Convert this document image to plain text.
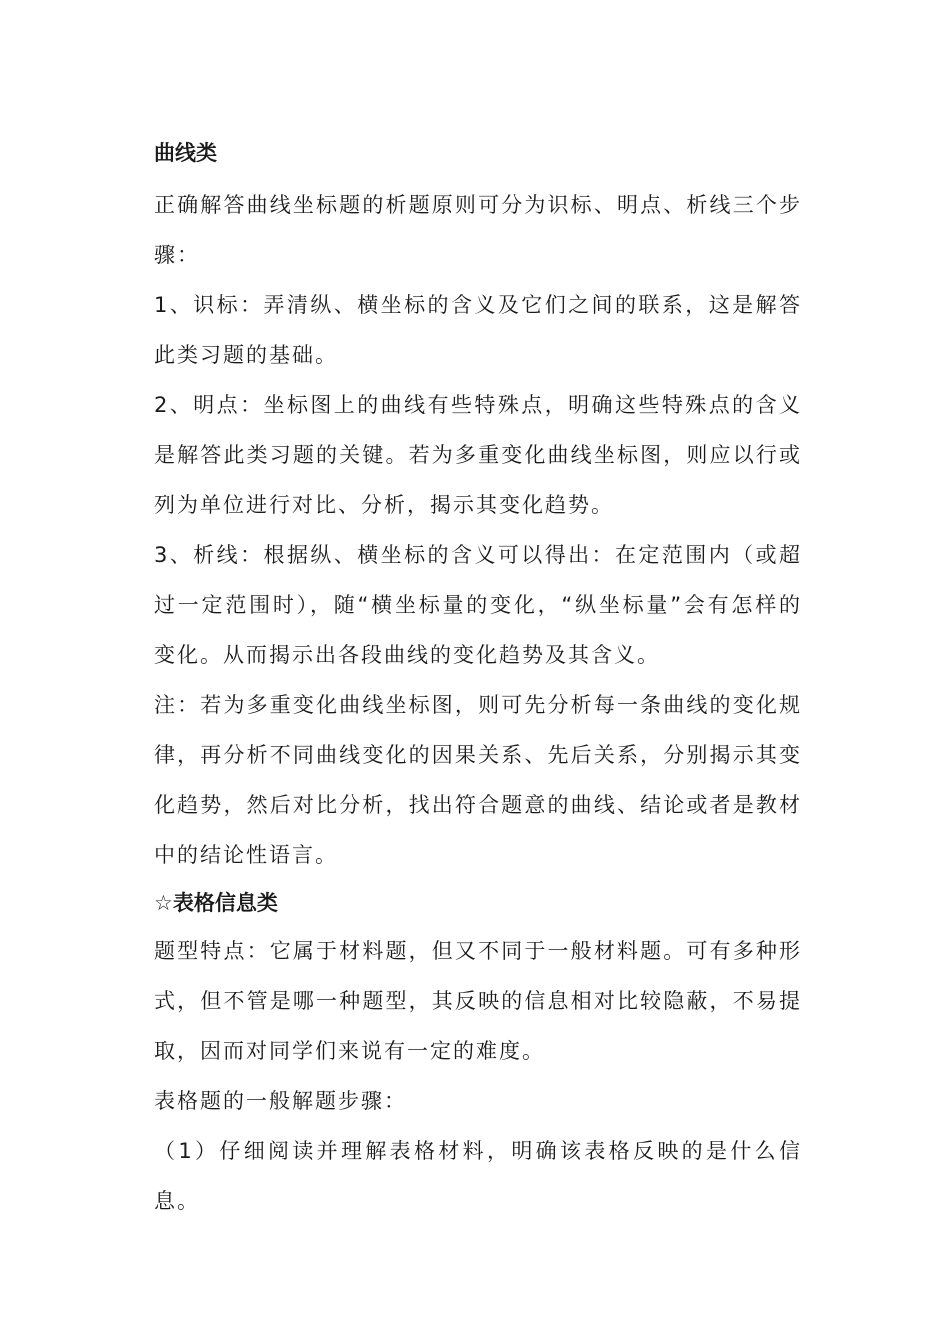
曲线类

正确解答曲线坐标题的析题原则可分为识标、明点、析线三个步骤：

1、识标：弄清纵、横坐标的含义及它们之间的联系，这是解答此类习题的基础。

2、明点：坐标图上的曲线有些特殊点，明确这些特殊点的含义是解答此类习题的关键。若为多重变化曲线坐标图，则应以行或列为单位进行对比、分析，揭示其变化趋势。

3、析线：根据纵、横坐标的含义可以得出：在定范围内（或超过一定范围时），随“横坐标量的变化，“纵坐标量”会有怎样的变化。从而揭示出各段曲线的变化趋势及其含义。

注：若为多重变化曲线坐标图，则可先分析每一条曲线的变化规律，再分析不同曲线变化的因果关系、先后关系，分别揭示其变化趋势，然后对比分析，找出符合题意的曲线、结论或者是教材中的结论性语言。

☆表格信息类

题型特点：它属于材料题，但又不同于一般材料题。可有多种形式，但不管是哪一种题型，其反映的信息相对比较隐蔽，不易提取，因而对同学们来说有一定的难度。

表格题的一般解题步骤：

（1）仔细阅读并理解表格材料，明确该表格反映的是什么信息。
